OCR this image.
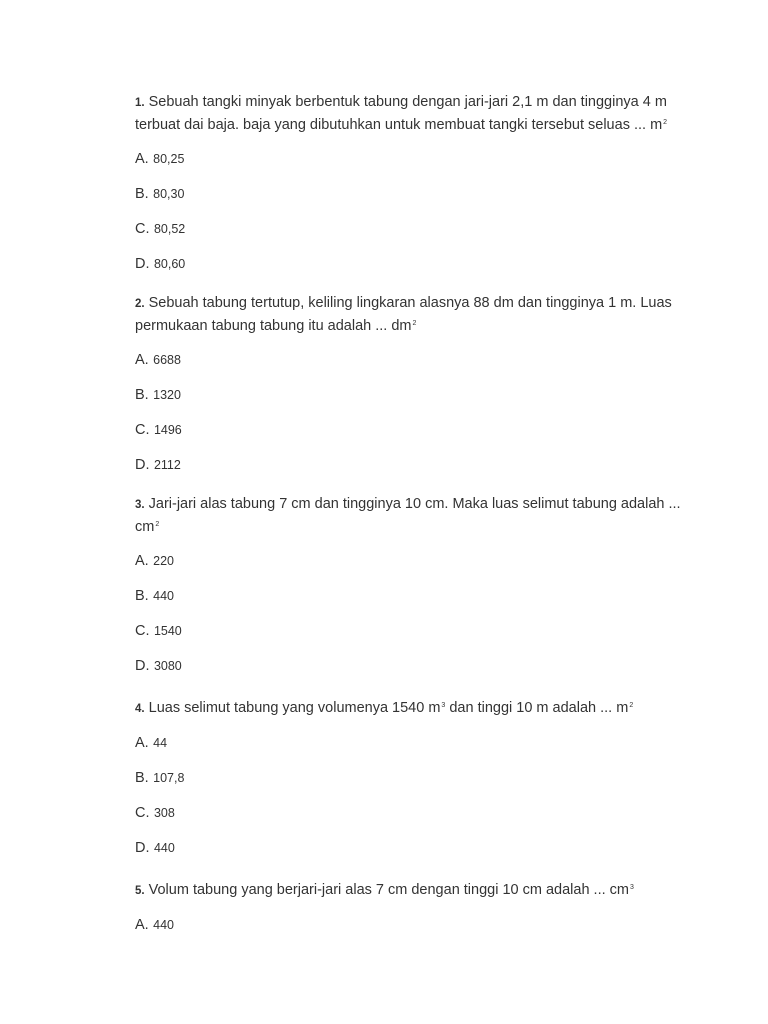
1. Sebuah tangki minyak berbentuk tabung dengan jari-jari 2,1 m dan tingginya 4 m terbuat dai baja. baja yang dibutuhkan untuk membuat tangki tersebut seluas ... $m^2$

A. 80,25
B. 80,30
C. 80,52
D. 80,60

2. Sebuah tabung tertutup, keliling lingkaran alasnya 88 dm dan tingginya 1 m. Luas permukaan tabung tabung itu adalah ... $dm^2$

A. 6688
B. 1320
C. 1496
D. 2112

3. Jari-jari alas tabung 7 cm dan tingginya 10 cm. Maka luas selimut tabung adalah ... $cm^2$

A. 220
B. 440
C. 1540
D. 3080

4. Luas selimut tabung yang volumenya 1540 $m^3$ dan tinggi 10 m adalah ... $m^2$

A. 44
B. 107,8
C. 308
D. 440

5. Volum tabung yang berjari-jari alas 7 cm dengan tinggi 10 cm adalah ... $cm^3$

A. 440
